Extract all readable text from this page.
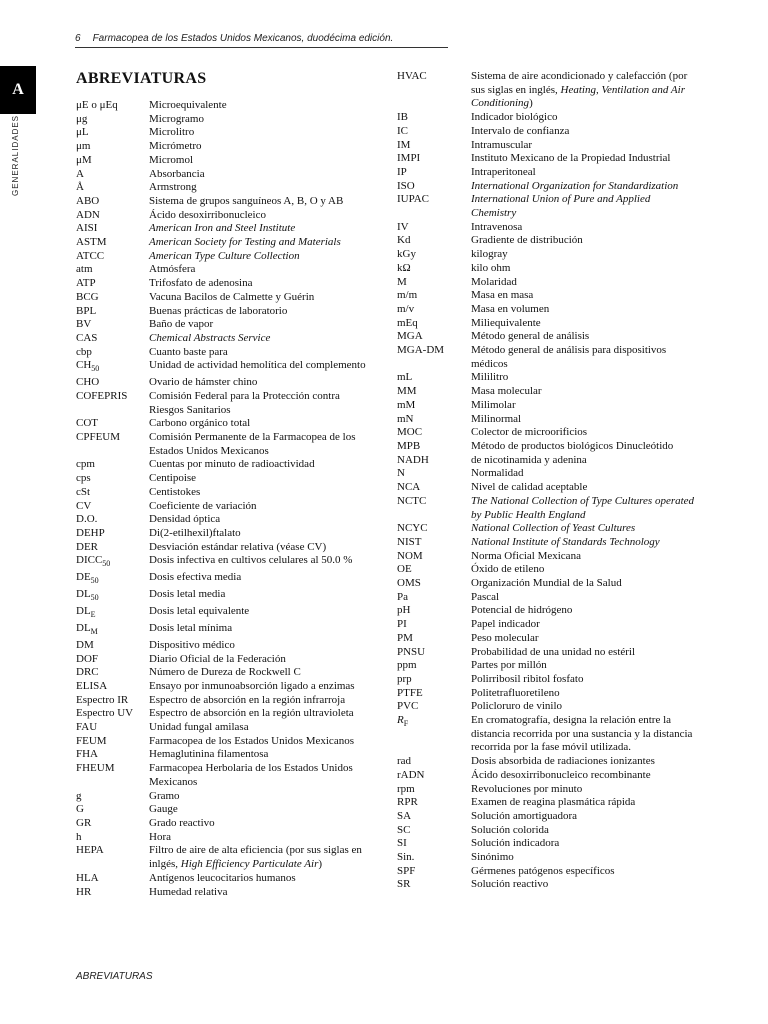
6 Farmacopea de los Estados Unidos Mexicanos, duodécima edición.
A
GENERALIDADES
ABREVIATURAS
μE o μEq	Microequivalente
μg	Microgramo
μL	Microlitro
μm	Micrómetro
μM	Micromol
A	Absorbancia
Å	Armstrong
ABO	Sistema de grupos sanguíneos A, B, O y AB
ADN	Ácido desoxirribonucleico
AISI	American Iron and Steel Institute
ASTM	American Society for Testing and Materials
ATCC	American Type Culture Collection
atm	Atmósfera
ATP	Trifosfato de adenosina
BCG	Vacuna Bacilos de Calmette y Guérin
BPL	Buenas prácticas de laboratorio
BV	Baño de vapor
CAS	Chemical Abstracts Service
cbp	Cuanto baste para
$CH_{50}$	Unidad de actividad hemolítica del complemento
CHO	Ovario de hámster chino
COFEPRIS	Comisión Federal para la Protección contra Riesgos Sanitarios
COT	Carbono orgánico total
CPFEUM	Comisión Permanente de la Farmacopea de los Estados Unidos Mexicanos
cpm	Cuentas por minuto de radioactividad
cps	Centipoise
cSt	Centistokes
CV	Coeficiente de variación
D.O.	Densidad óptica
DEHP	Di(2-etilhexil)ftalato
DER	Desviación estándar relativa (véase CV)
$DICC_{50}$	Dosis infectiva en cultivos celulares al 50.0 %
$DE_{50}$	Dosis efectiva media
$DL_{50}$	Dosis letal media
$DL_E$	Dosis letal equivalente
$DL_M$	Dosis letal mínima
DM	Dispositivo médico
DOF	Diario Oficial de la Federación
DRC	Número de Dureza de Rockwell C
ELISA	Ensayo por inmunoabsorción ligado a enzimas
Espectro IR	Espectro de absorción en la región infrarroja
Espectro UV	Espectro de absorción en la región ultravioleta
FAU	Unidad fungal amilasa
FEUM	Farmacopea de los Estados Unidos Mexicanos
FHA	Hemaglutinina filamentosa
FHEUM	Farmacopea Herbolaria de los Estados Unidos Mexicanos
g	Gramo
G	Gauge
GR	Grado reactivo
h	Hora
HEPA	Filtro de aire de alta eficiencia (por sus siglas en inlgés, High Efficiency Particulate Air)
HLA	Antígenos leucocitarios humanos
HR	Humedad relativa
HVAC	Sistema de aire acondicionado y calefacción (por sus siglas en inglés, Heating, Ventilation and Air Conditioning)
IB	Indicador biológico
IC	Intervalo de confianza
IM	Intramuscular
IMPI	Instituto Mexicano de la Propiedad Industrial
IP	Intraperitoneal
ISO	International Organization for Standardization
IUPAC	International Union of Pure and Applied Chemistry
IV	Intravenosa
Kd	Gradiente de distribución
kGy	kilogray
kΩ	kilo ohm
M	Molaridad
m/m	Masa en masa
m/v	Masa en volumen
mEq	Miliequivalente
MGA	Método general de análisis
MGA-DM	Método general de análisis para dispositivos médicos
mL	Mililitro
MM	Masa molecular
mM	Milimolar
mN	Milinormal
MOC	Colector de microorificios
MPB	Método de productos biológicos Dinucleótido
NADH	de nicotinamida y adenina
N	Normalidad
NCA	Nivel de calidad aceptable
NCTC	The National Collection of Type Cultures operated by Public Health England
NCYC	National Collection of Yeast Cultures
NIST	National Institute of Standards Technology
NOM	Norma Oficial Mexicana
OE	Óxido de etileno
OMS	Organización Mundial de la Salud
Pa	Pascal
pH	Potencial de hidrógeno
PI	Papel indicador
PM	Peso molecular
PNSU	Probabilidad de una unidad no estéril
ppm	Partes por millón
prp	Polirribosil ribitol fosfato
PTFE	Politetrafluoretileno
PVC	Policloruro de vinilo
$R_F$	En cromatografía, designa la relación entre la distancia recorrida por una sustancia y la distancia recorrida por la fase móvil utilizada.
rad	Dosis absorbida de radiaciones ionizantes
rADN	Ácido desoxirribonucleico recombinante
rpm	Revoluciones por minuto
RPR	Examen de reagina plasmática rápida
SA	Solución amortiguadora
SC	Solución colorida
SI	Solución indicadora
Sin.	Sinónimo
SPF	Gérmenes patógenos específicos
SR	Solución reactivo
ABREVIATURAS
